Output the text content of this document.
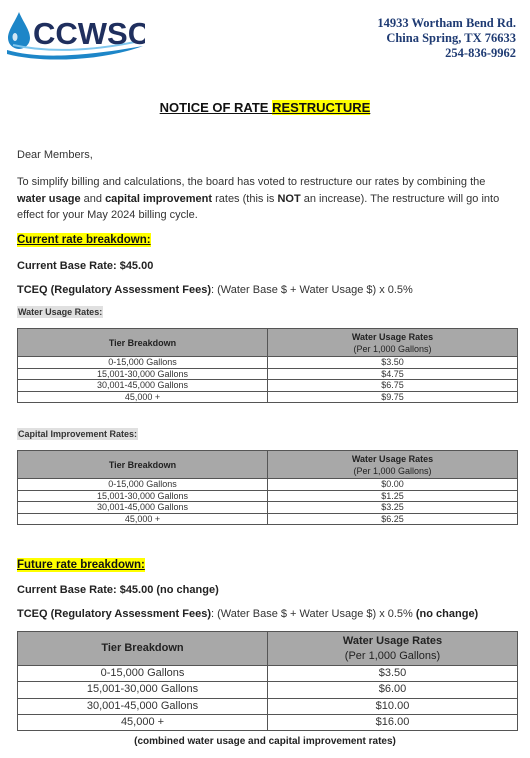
CCWSC	14933 Wortham Bend Rd.
China Spring, TX 76633
254-836-9962
NOTICE OF RATE RESTRUCTURE
Dear Members,
To simplify billing and calculations, the board has voted to restructure our rates by combining the water usage and capital improvement rates (this is NOT an increase). The restructure will go into effect for your May 2024 billing cycle.
Current rate breakdown:
Current Base Rate: $45.00
TCEQ (Regulatory Assessment Fees): (Water Base $ + Water Usage $) x 0.5%
Water Usage Rates:
Tier Breakdown	Water Usage Rates
(Per 1,000 Gallons)

0-15,000 Gallons	$3.50
15,001-30,000 Gallons	$4.75
30,001-45,000 Gallons	$6.75
45,000 +	$9.75
Capital Improvement Rates:
Tier Breakdown	Water Usage Rates
(Per 1,000 Gallons)

0-15,000 Gallons	$0.00
15,001-30,000 Gallons	$1.25
30,001-45,000 Gallons	$3.25
45,000 +	$6.25
Future rate breakdown:
Current Base Rate: $45.00 (no change)
TCEQ (Regulatory Assessment Fees): (Water Base $ + Water Usage $) x 0.5% (no change)
Tier Breakdown	Water Usage Rates
(Per 1,000 Gallons)

0-15,000 Gallons	$3.50
15,001-30,000 Gallons	$6.00
30,001-45,000 Gallons	$10.00
45,000 +	$16.00
(combined water usage and capital improvement rates)
